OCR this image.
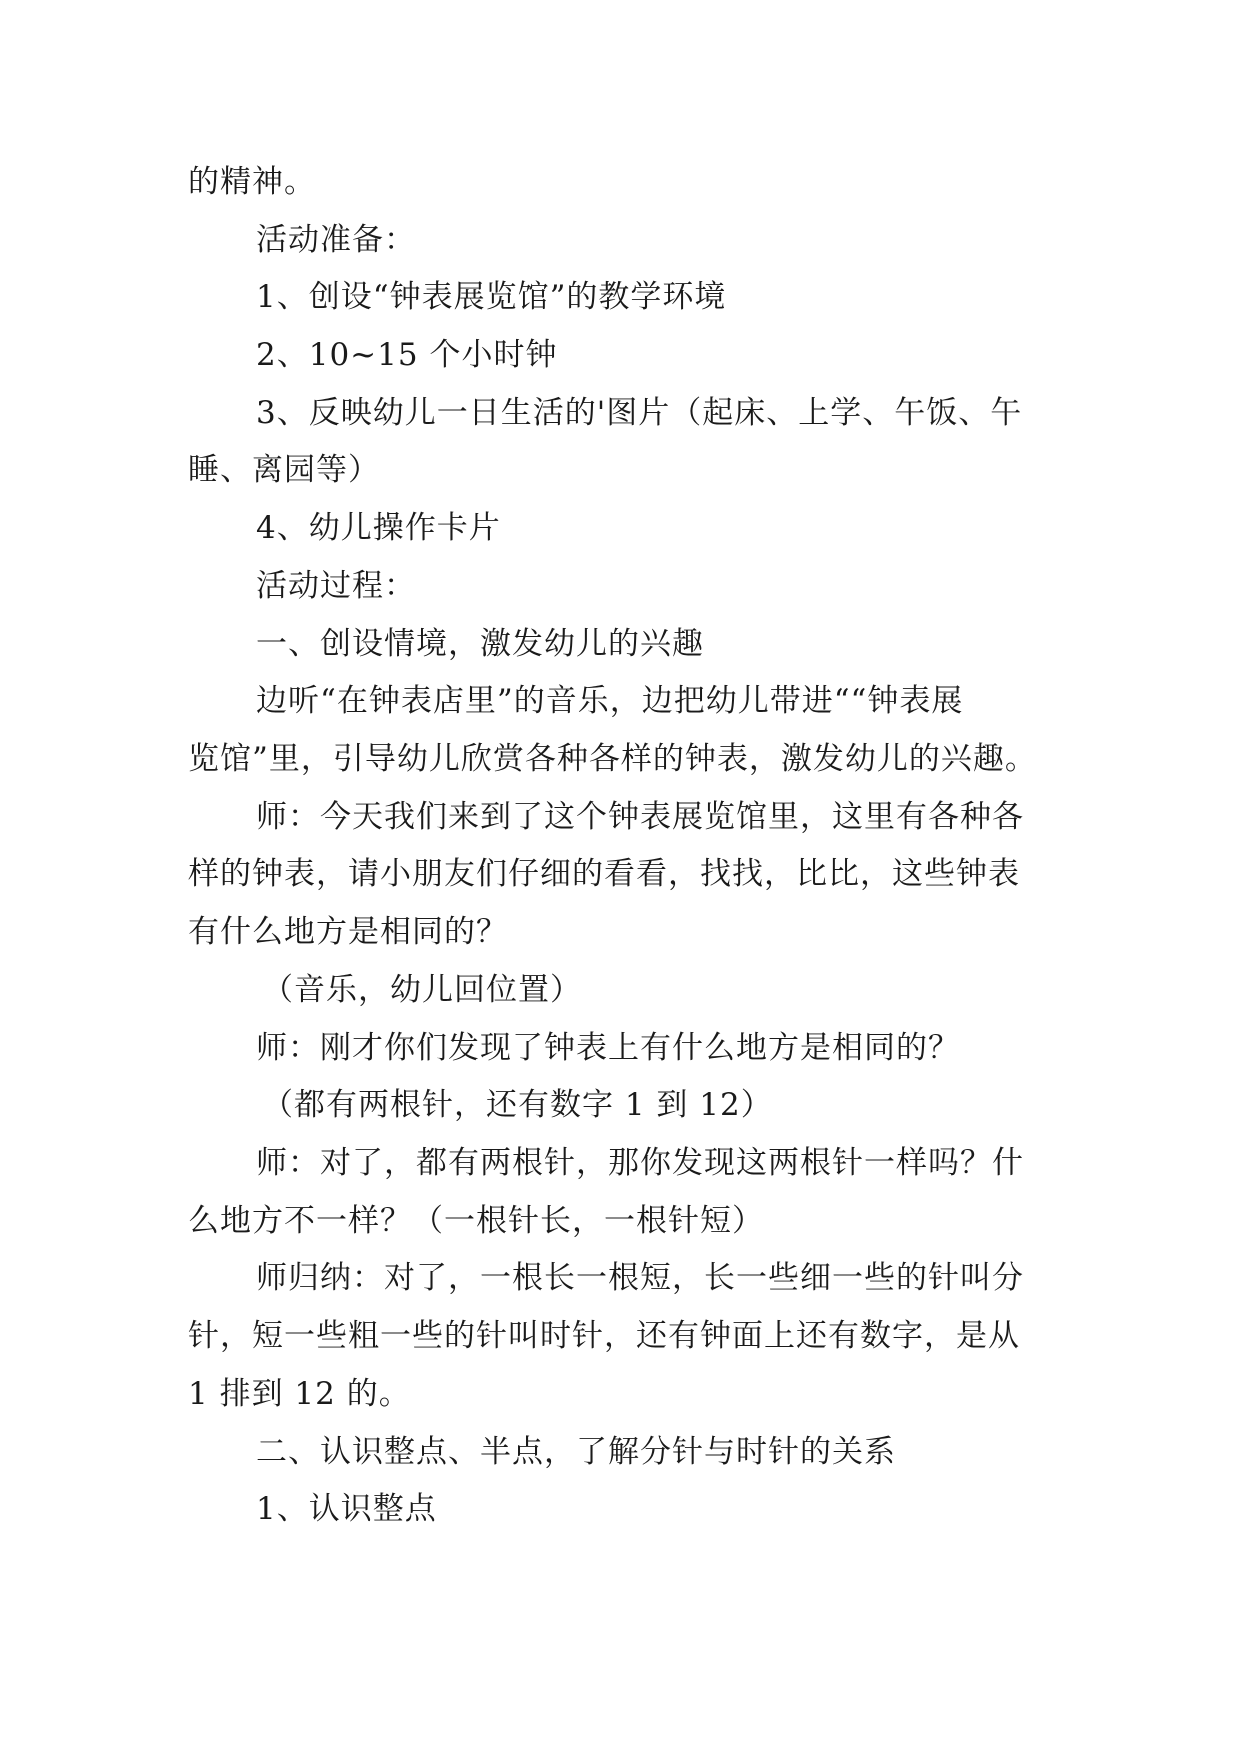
的精神。
活动准备：
1、创设“钟表展览馆”的教学环境
2、10~15 个小时钟
3、反映幼儿一日生活的'图片（起床、上学、午饭、午
睡、离园等）
4、幼儿操作卡片
活动过程：
一、创设情境，激发幼儿的兴趣
边听“在钟表店里”的音乐，边把幼儿带进““钟表展
览馆”里，引导幼儿欣赏各种各样的钟表，激发幼儿的兴趣。
师：今天我们来到了这个钟表展览馆里，这里有各种各
样的钟表，请小朋友们仔细的看看，找找，比比，这些钟表
有什么地方是相同的？
（音乐，幼儿回位置）
师：刚才你们发现了钟表上有什么地方是相同的？
（都有两根针，还有数字 1 到 12）
师：对了，都有两根针，那你发现这两根针一样吗？什
么地方不一样？（一根针长，一根针短）
师归纳：对了，一根长一根短，长一些细一些的针叫分
针，短一些粗一些的针叫时针，还有钟面上还有数字，是从
1 排到 12 的。
二、认识整点、半点，了解分针与时针的关系
1、认识整点
